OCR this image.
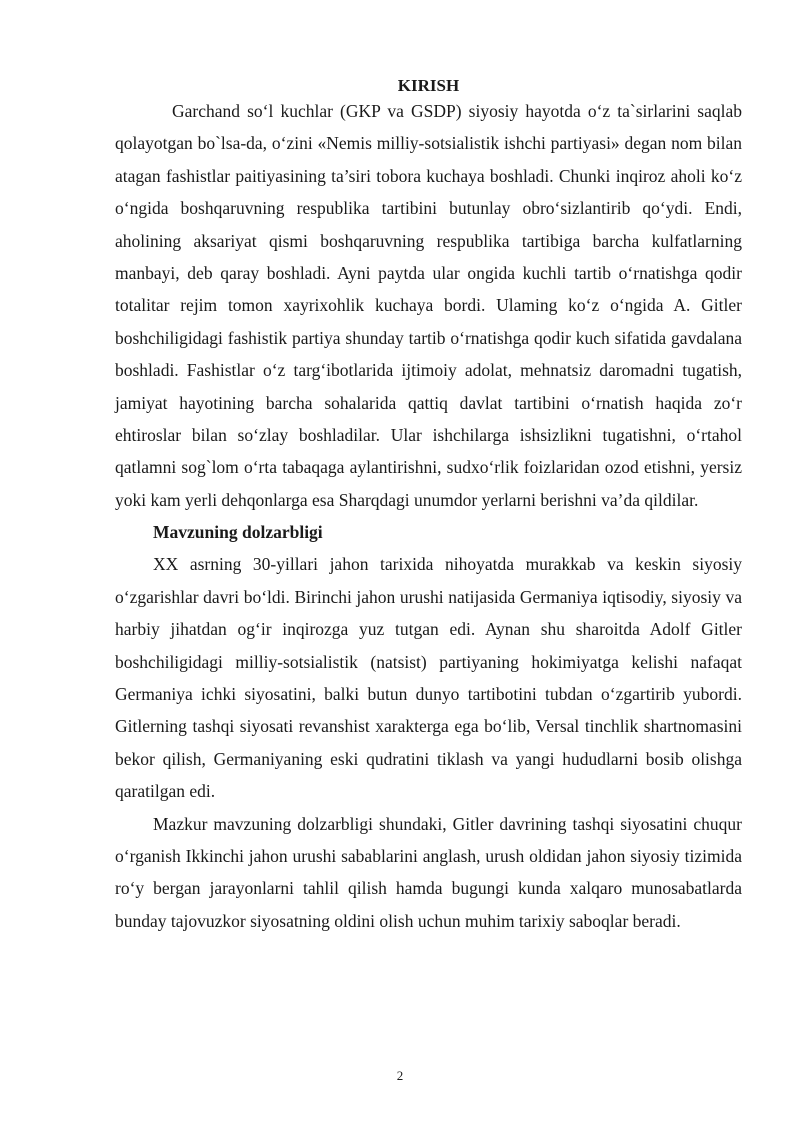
KIRISH

Garchand so‘l kuchlar (GKP va GSDP) siyosiy hayotda o‘z ta`sirlarini saqlab qolayotgan bo`lsa-da, o‘zini «Nemis milliy-sotsialistik ishchi partiyasi» degan nom bilan atagan fashistlar paitiyasining ta’siri tobora kuchaya boshladi. Chunki inqiroz aholi ko‘z o‘ngida boshqaruvning respublika tartibini butunlay obro‘sizlantirib qo‘ydi. Endi, aholining aksariyat qismi boshqaruvning respublika tartibiga barcha kulfatlarning manbayi, deb qaray boshladi. Ayni paytda ular ongida kuchli tartib o‘rnatishga qodir totalitar rejim tomon xayrixohlik kuchaya bordi. Ulaming ko‘z o‘ngida A. Gitler boshchiligidagi fashistik partiya shunday tartib o‘rnatishga qodir kuch sifatida gavdalana boshladi. Fashistlar o‘z targ‘ibotlarida ijtimoiy adolat, mehnatsiz daromadni tugatish, jamiyat hayotining barcha sohalarida qattiq davlat tartibini o‘rnatish haqida zo‘r ehtiroslar bilan so‘zlay boshladilar. Ular ishchilarga ishsizlikni tugatishni, o‘rtahol qatlamni sog`lom o‘rta tabaqaga aylantirishni, sudxo‘rlik foizlaridan ozod etishni, yersiz yoki kam yerli dehqonlarga esa Sharqdagi unumdor yerlarni berishni va’da qildilar.

Mavzuning dolzarbligi

XX asrning 30-yillari jahon tarixida nihoyatda murakkab va keskin siyosiy o‘zgarishlar davri bo‘ldi. Birinchi jahon urushi natijasida Germaniya iqtisodiy, siyosiy va harbiy jihatdan og‘ir inqirozga yuz tutgan edi. Aynan shu sharoitda Adolf Gitler boshchiligidagi milliy-sotsialistik (natsist) partiyaning hokimiyatga kelishi nafaqat Germaniya ichki siyosatini, balki butun dunyo tartibotini tubdan o‘zgartirib yubordi. Gitlerning tashqi siyosati revanshist xarakterga ega bo‘lib, Versal tinchlik shartnomasini bekor qilish, Germaniyaning eski qudratini tiklash va yangi hududlarni bosib olishga qaratilgan edi.

Mazkur mavzuning dolzarbligi shundaki, Gitler davrining tashqi siyosatini chuqur o‘rganish Ikkinchi jahon urushi sabablarini anglash, urush oldidan jahon siyosiy tizimida ro‘y bergan jarayonlarni tahlil qilish hamda bugungi kunda xalqaro munosabatlarda bunday tajovuzkor siyosatning oldini olish uchun muhim tarixiy saboqlar beradi.

2
